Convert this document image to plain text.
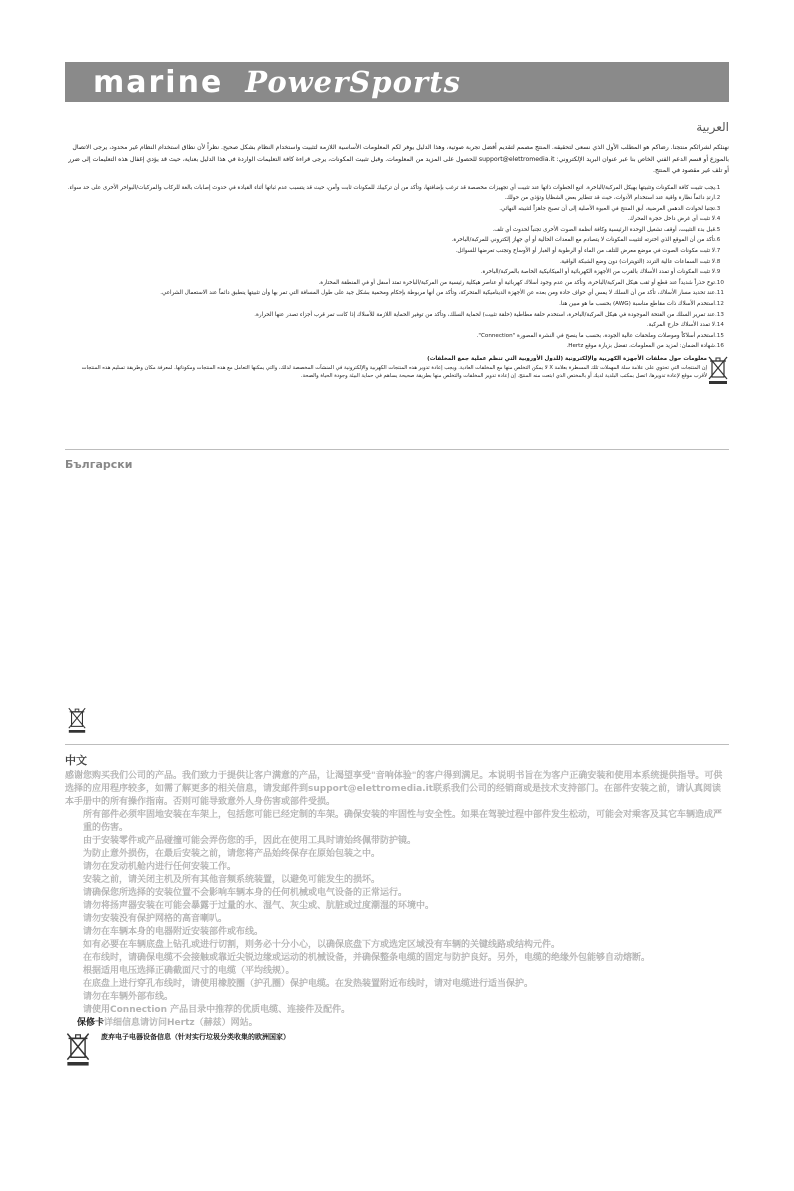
marine PowerSports
العربية

نهنئكم لشرائكم منتجنا. رضاكم هو المطلب الأول الذي نسعى لتحقيقه. المنتج مصمم لتقديم أفضل تجربة صوتية، وهذا الدليل يوفر لكم المعلومات الأساسية اللازمة لتثبيت واستخدام النظام بشكل صحيح. نظراً لأن نطاق استخدام النظام غير محدود، يرجى الاتصال بالموزع أو قسم الدعم الفني الخاص بنا عبر عنوان البريد الإلكتروني: support@elettromedia.it للحصول على المزيد من المعلومات. وقبل تثبيت المكونات، يرجى قراءة كافة التعليمات الواردة في هذا الدليل بعناية، حيث قد يؤدي إغفال هذه التعليمات إلى ضرر أو تلف غير مقصود في المنتج.

1.
يجب تثبيت كافة المكونات وتثبيتها بهيكل المركبة/الباخرة. اتبع الخطوات ذاتها عند تثبيت أي تجهيزات مخصصة قد ترغب بإضافتها، وتأكد من أن تركيبك للمكونات ثابت وآمن، حيث قد يتسبب عدم ثباتها أثناء القيادة في حدوث إصابات بالغة للركاب والمركبات/البواخر الأخرى على حد سواء.
2.
ارتدِ دائماً نظارة واقية عند استخدام الأدوات، حيث قد تتطاير بعض الشظايا وتؤذي من حولك.
3.
تجنبا لحوادث الدهس العرضية، أبق المنتج في العبوة الأصلية إلى أن تصبح جاهزاً لتثبيته النهائي.
4.
لا تثبت أي غرض داخل حجرة المحرك.
5.
قبل بدء التثبيت، أوقف تشغيل الوحدة الرئيسية وكافة أنظمة الصوت الأخرى تجنباً لحدوث أي تلف.
6.
تأكد من أن الموقع الذي اخترته لتثبيت المكونات لا يتصادم مع المعدات الحالية أو أي جهاز إلكتروني للمركبة/الباخرة.
7.
لا تثبت مكونات الصوت في موضع معرض للتلف من الماء أو الرطوبة أو الغبار أو الأوساخ وتجنب تعرضها للسوائل.
8.
لا تثبت السماعات عالية التردد (التويترات) دون وضع الشبكة الواقية.
9.
لا تثبت المكونات أو تمدد الأسلاك بالقرب من الأجهزة الكهربائية أو الميكانيكية الخاصة بالمركبة/الباخرة.
10.
توخ حذراً شديداً عند قطع أو ثقب هيكل المركبة/الباخرة، وتأكد من عدم وجود أسلاك كهربائية أو عناصر هيكلية رئيسية من المركبة/الباخرة تمتد أسفل أو في المنطقة المختارة.
11.
عند تحديد مسار الأسلاك، تأكد من أن السلك لا يمس أي حواف حادة ومن بعده عن الأجهزة الديناميكية المتحركة، وتأكد من أنها مربوطة بإحكام ومحمية بشكل جيد على طول المسافة التي تمر بها وأن تثبيتها ينطبق دائماً عند الاستعمال الشراعي.
12.
استخدم الأسلاك ذات مقاطع مناسبة (AWG) بحسب ما هو مبين هنا.
13.
عند تمرير السلك من الفتحة الموجودة في هيكل المركبة/الباخرة، استخدم حلقة مطاطية (حلقة تثبيت) لحماية السلك، وتأكد من توفير الحماية اللازمة للأسلاك إذا كانت تمر قرب أجزاء تصدر عنها الحرارة.
14.
لا تمدد الأسلاك خارج المركبة.
15.
استخدم أسلاكاً وموصلات وملحقات عالية الجودة، بحسب ما ينصح في النشرة المصورة "Connection".
16.
شهادة الضمان: لمزيد من المعلومات، تفضل بزيارة موقع Hertz.
معلومات حول مخلفات الأجهزة الكهربية والإلكترونية (للدول الأوروبية التي تنظم عملية جمع المخلفات)
إن المنتجات التي تحتوي على علامة سلة المهملات تلك المسطرة بعلامة X لا يمكن التخلص منها مع المخلفات العادية. ويجب إعادة تدوير هذه المنتجات الكهربية والإلكترونية في المنشآت المخصصة لذلك، والتي يمكنها التعامل مع هذه المنتجات ومكوناتها. لمعرفة مكان وطريقة تسليم هذه المنتجات لأقرب موقع لإعادة تدويرها، اتصل بمكتب البلدية لديك أو بالمختص الذي ابتعت منه المنتج. إن إعادة تدوير المخلفات والتخلص منها بطريقة صحيحة يساهم في حماية البيئة وجودة الحياة والصحة.
Български
中文

感谢您购买我们公司的产品。我们致力于提供让客户满意的产品，让渴望享受"音响体验"的客户得到满足。本说明书旨在为客户正确安装和使用本系统提供指导。可供选择的应用程序较多，如需了解更多的相关信息，请发邮件到support@elettromedia.it联系我们公司的经销商或是技术支持部门。在部件安装之前，请认真阅读本手册中的所有操作指南。否则可能导致意外人身伤害或部件受损。

所有部件必须牢固地安装在车架上，包括您可能已经定制的车架。确保安装的牢固性与安全性。如果在驾驶过程中部件发生松动，可能会对乘客及其它车辆造成严重的伤害。
由于安装零件或产品碰撞可能会弄伤您的手，因此在使用工具时请始终佩带防护镜。
为防止意外损伤，在最后安装之前，请您将产品始终保存在原始包装之中。
请勿在发动机舱内进行任何安装工作。
安装之前，请关闭主机及所有其他音频系统装置，以避免可能发生的损坏。
请确保您所选择的安装位置不会影响车辆本身的任何机械或电气设备的正常运行。
请勿将扬声器安装在可能会暴露于过量的水、湿气、灰尘或、肮脏或过度潮湿的环境中。
请勿安装没有保护网格的高音喇叭。
请勿在车辆本身的电器附近安装部件或布线。
如有必要在车辆底盘上钻孔或进行切割，则务必十分小心，以确保底盘下方或选定区域没有车辆的关键线路或结构元件。
在布线时，请确保电缆不会接触或靠近尖锐边缘或运动的机械设备，并确保整条电缆的固定与防护良好。另外，电缆的绝缘外包能够自动熔断。
根据适用电压选择正确截面尺寸的电缆（平均线规）。
在底盘上进行穿孔布线时，请使用橡胶圈（护孔圈）保护电缆。在发热装置附近布线时，请对电缆进行适当保护。
请勿在车辆外部布线。
请使用Connection 产品目录中推荐的优质电缆、连接件及配件。

保修卡详细信息请访问Hertz（赫兹）网站。

废弃电子电器设备信息（针对实行垃圾分类收集的欧洲国家）
